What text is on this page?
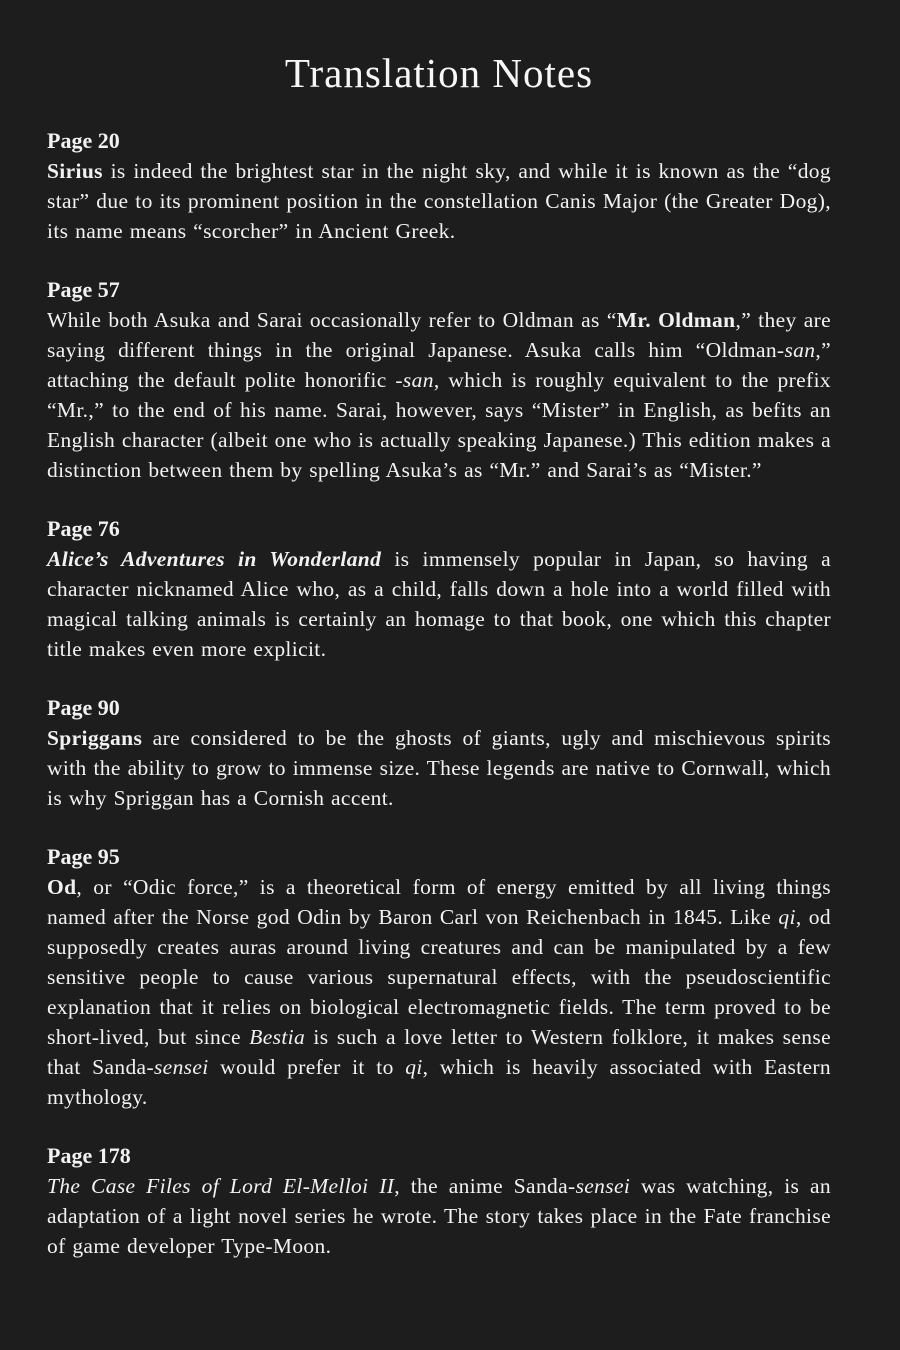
Translation Notes

Page 20

Sirius is indeed the brightest star in the night sky, and while it is known as the “dog star” due to its prominent position in the constellation Canis Major (the Greater Dog), its name means “scorcher” in Ancient Greek.

Page 57

While both Asuka and Sarai occasionally refer to Oldman as “Mr. Oldman,” they are saying different things in the original Japanese. Asuka calls him “Oldman-san,” attaching the default polite honorific -san, which is roughly equivalent to the prefix “Mr.,” to the end of his name. Sarai, however, says “Mister” in English, as befits an English character (albeit one who is actually speaking Japanese.) This edition makes a distinction between them by spelling Asuka’s as “Mr.” and Sarai’s as “Mister.”

Page 76

Alice’s Adventures in Wonderland is immensely popular in Japan, so having a character nicknamed Alice who, as a child, falls down a hole into a world filled with magical talking animals is certainly an homage to that book, one which this chapter title makes even more explicit.

Page 90

Spriggans are considered to be the ghosts of giants, ugly and mischievous spirits with the ability to grow to immense size. These legends are native to Cornwall, which is why Spriggan has a Cornish accent.

Page 95

Od, or “Odic force,” is a theoretical form of energy emitted by all living things named after the Norse god Odin by Baron Carl von Reichenbach in 1845. Like qi, od supposedly creates auras around living creatures and can be manipulated by a few sensitive people to cause various supernatural effects, with the pseudoscientific explanation that it relies on biological electromagnetic fields. The term proved to be short-lived, but since Bestia is such a love letter to Western folklore, it makes sense that Sanda-sensei would prefer it to qi, which is heavily associated with Eastern mythology.

Page 178

The Case Files of Lord El-Melloi II, the anime Sanda-sensei was watching, is an adaptation of a light novel series he wrote. The story takes place in the Fate franchise of game developer Type-Moon.
